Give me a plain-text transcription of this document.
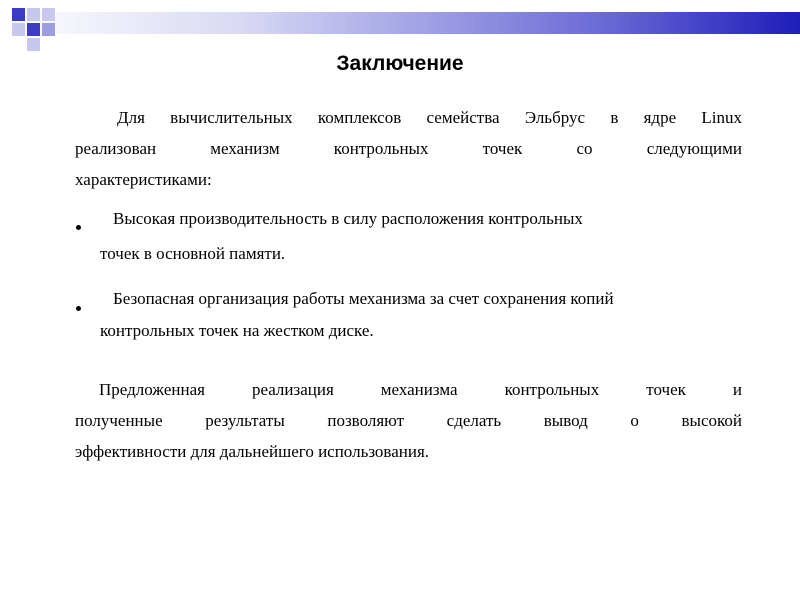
Заключение
Для вычислительных комплексов семейства Эльбрус в ядре Linux
реализован	механизм	контрольных	точек	со	следующими
характеристиками:
Высокая производительность в силу расположения контрольных
точек в основной памяти.
Безопасная организация работы механизма за счет сохранения копий
контрольных точек на жестком диске.
Предложенная	реализация	механизма	контрольных	точек	и
полученные	результаты	позволяют	сделать	вывод	о	высокой
эффективности для дальнейшего использования.
